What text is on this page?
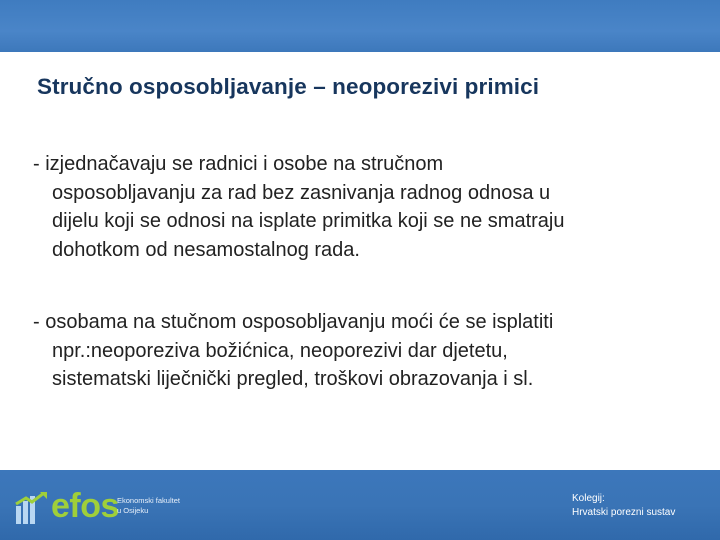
Stručno osposobljavanje – neoporezivi primici
- izjednačavaju se radnici i osobe na stručnom
osposobljavanju za rad bez zasnivanja radnog odnosa u
dijelu koji se odnosi na isplate primitka koji se ne smatraju
dohotkom od nesamostalnog rada.
- osobama na stučnom osposobljavanju moći će se isplatiti
npr.:neoporeziva božićnica, neoporezivi dar djetetu,
sistematski liječnički pregled, troškovi obrazovanja i sl.
efos
Ekonomski fakultet
u Osijeku
Kolegij:
Hrvatski porezni sustav
